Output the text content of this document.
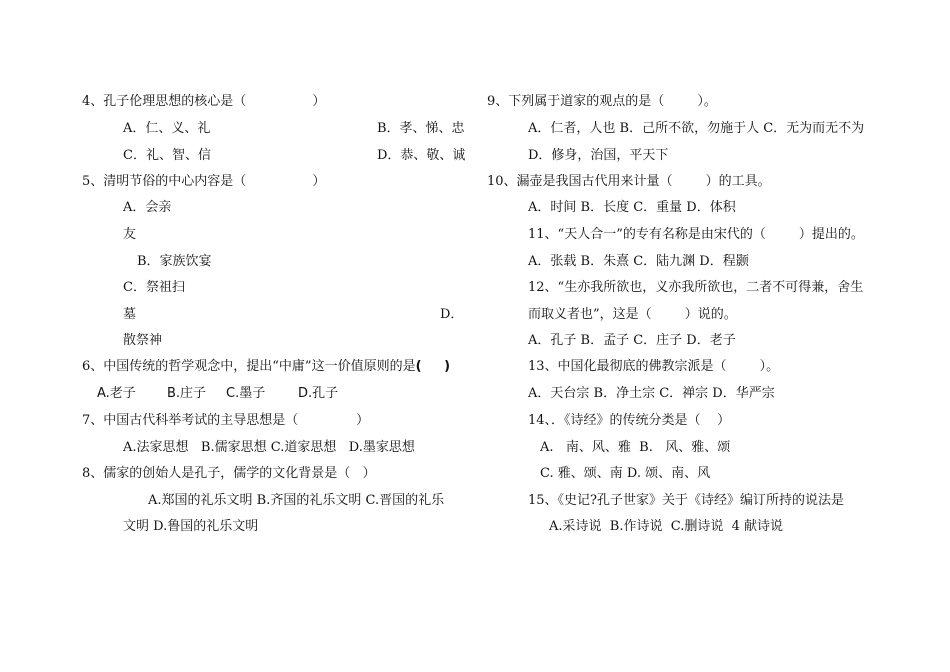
4、孔子伦理思想的核心是（                ）
A．仁、义、礼	B．孝、悌、忠
C．礼、智、信	D．恭、敬、诚
5、清明节俗的中心内容是（                ）
A．会亲
友
B．家族饮宴
C．祭祖扫
墓	D．
散祭神
6、中国传统的哲学观念中，提出“中庸”这一价值原则的是(     )
A.老子 B.庄子 C.墨子	D.孔子
7、中国古代科举考试的主导思想是（              ）
A.法家思想   B.儒家思想 C.道家思想   D.墨家思想
8、儒家的创始人是孔子，儒学的文化背景是（   ）
A.郑国的礼乐文明 B.齐国的礼乐文明 C.晋国的礼乐
文明 D.鲁国的礼乐文明
9、下列属于道家的观点的是（        ）。
A．仁者，人也 B．己所不欲，勿施于人 C．无为而无不为
D．修身，治国，平天下
10、漏壶是我国古代用来计量（        ）的工具。
A．时间 B．长度 C．重量 D．体积
11、“天人合一”的专有名称是由宋代的（        ）提出的。
A．张载 B．朱熹 C．陆九渊 D．程颢
12、“生亦我所欲也，义亦我所欲也，二者不可得兼，舍生
而取义者也”，这是（        ）说的。
A．孔子 B．孟子 C．庄子 D．老子
13、中国化最彻底的佛教宗派是（        ）。
A．天台宗 B．净土宗 C．禅宗 D．华严宗
14、．《诗经》的传统分类是（    ）
A.   南、风、雅  B.   风、雅、颂
C. 雅、颂、南 D. 颂、南、风
15、《史记?孔子世家》关于《诗经》编订所持的说法是
A.采诗说  B.作诗说  C.删诗说  4 献诗说
